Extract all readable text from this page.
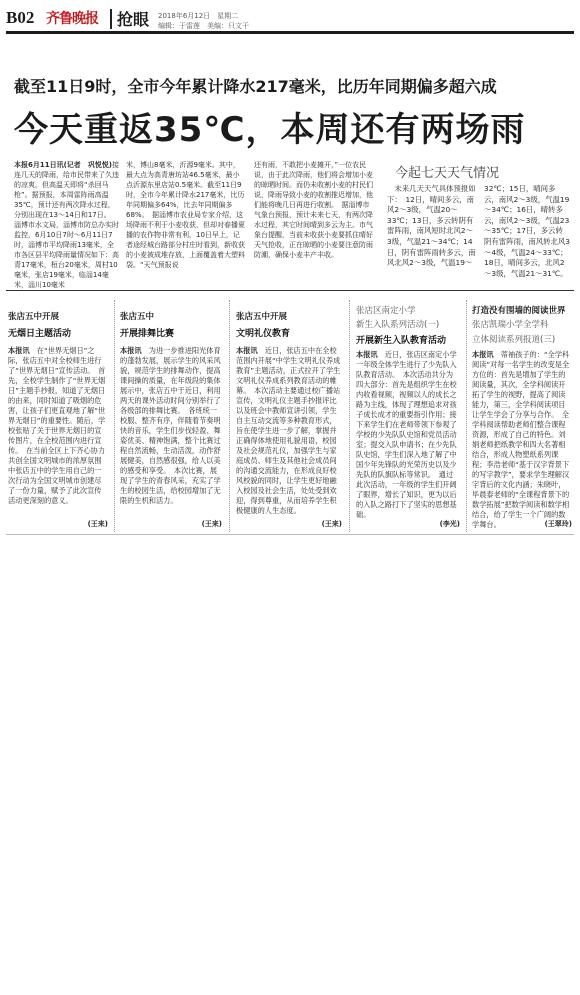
B02 齐鲁晚报 抢眼 2018年6月12日　星期二
编辑：于雷莲　美编：只文干
截至11日9时，全市今年累计降水217毫米，比历年同期偏多超六成
今天重返35℃，本周还有两场雨
本报6月11日讯(记者　巩悦悦)接连几天的降雨，给市民带来了久违的凉爽。但高温天即将“杀回马枪”。据预报，本周雷阵雨高温35℃，预计还有两次降水过程，分别出现在13～14日和17日。　淄博市水文局，淄博市防总办实时监控，6月10日7时～6月11日7时，淄博市平均降雨13毫米，全市各区县平均降雨量情况如下：高青17毫米，桓台20毫米，周村10毫米，张店19毫米，临淄14毫米，淄川10毫米
米，博山8毫米，沂源9毫米。其中，最大点为高青唐坊站46.5毫米，最小点沂源东里店站0.5毫米。截至11日9时，全市今年累计降水217毫米，比历年同期偏多64%，比去年同期偏多68%。　据淄博市农业局专家介绍，这场降雨不利于小麦收获，但却对春播夏播的农作物非常有利，10日早上，记者途经城台路部分村庄时看到，新收获的小麦被成堆存放，上面覆盖着大塑料袋。“天气预报说
还有雨，不敢把小麦摊开，”一位农民说，由于此次降雨，他们将会增加小麦的晾晒时间。而仍未收割小麦的村民们说，降雨导致小麦的收割推迟增加，他们能将晚几日再进行收割。　据淄博市气象台预报，预计未来七天，有两次降水过程，其它时间晴到多云为主。市气象台提醒，当前未收获小麦要抓住晴好天气抢收，正在晾晒的小麦要注意防雨防潮，确保小麦丰产丰收。
今起七天天气情况
　未来几天天气具体预报如下：　12日，晴间多云，南风2～3级，气温20～33℃；13日，多云转阴有雷阵雨，南风短时北风2～3级，气温21～34℃；14日，阴有雷阵雨转多云，南风北风2～3级，气温19～
32℃；15日，晴间多云，南风2～3级，气温19～34℃；16日，晴转多云，南风2～3级，气温23～35℃；17日，多云转阴有雷阵雨，南风转北风3～4级，气温24～33℃；18日，晴间多云，北风2～3级，气温21～31℃。
张店五中开展
无烟日主题活动
本报讯　 在“世界无烟日”之际，张店五中对全校师生进行了“世界无烟日”宣传活动。　首先，全校学生制作了“世界无烟日”主题手抄报，知道了无烟日的由来，同时知道了吸烟的危害，让孩子们更直观地了解“世界无烟日”的重要性。随后，学校张贴了关于世界无烟日的宣传图片，在全校范围内进行宣传。　在当前全区上下齐心协力共创全国文明城市的浓厚氛围中张店五中的学生用自己的一次行动为全国文明城市创建尽了一份力量，赋予了此次宣传活动更深刻的意义。
(王来)
张店五中
开展排舞比赛
本报讯　 为进一步推进阳光体育的蓬勃发展，展示学生的风采风貌，规范学生的排舞动作，提高课间操的质量，在年级段的集体展示中，张店五中于近日，利用两天的课外活动时间分别举行了各级部的排舞比赛。　各班统一校服、整齐有序，伴随着节奏明快的音乐，学生们步伐轻盈、舞姿优美、精神饱满，整个比赛过程自然流畅，生动活泼，动作舒展健美，自然感很强，给人以美的感受和享受。　本次比赛，展现了学生的青春风采，充实了学生的校园生活，给校园增加了无限的生机和活力。
(王来)
张店五中开展
文明礼仪教育
本报讯　 近日，张店五中在全校范围内开展“中学生文明礼仪养成教育”主题活动，正式拉开了学生文明礼仪养成系列教育活动的帷幕。　本次活动主要通过校广播站宣传，文明礼仪主题手抄报评比以及班会中教师宣讲引领，学生自主互动交流等多种教育形式，旨在使学生进一步了解，掌握并正确得体地使用礼貌用语，校园及社会规范礼仪，加强学生与家庭成员、师生及其他社会成员间的沟通交流能力，在形成良好校风校貌的同时，让学生更好地融入校园及社会生活，处处受到欢迎，得到尊重，从而培养学生积极健康的人生态度。
(王来)
张店区南定小学
新生入队系列活动(一)
开展新生入队教育活动
本报讯　 近日，张店区南定小学一年级全体学生进行了少先队入队教育活动。　本次活动共分为四大部分：首先是组织学生在校内收看视频，视频以人的成长之路为主线，体现了理想追求对孩子成长成才的重要指引作用；接下来学生们在老师带领下参观了学校的少先队队史馆和党员活动室；提交入队申请书；在少先队队史馆，学生们深入地了解了中国少年先锋队的光荣历史以及少先队的队旗队标等常识。　通过此次活动，一年级的学生们开阔了眼界，增长了知识，更为以后的入队之路打下了坚实的思想基础。
(李光)
打造没有围墙的阅读世界
张店凯瑞小学全学科
立体阅读系列报道(三)
本报讯　 蒂袖孩子的：“全学科阅读”对每一名学生的改变是全方位的：首先是增加了学生的阅读量，其次，全学科阅读开拓了学生的视野，提高了阅读能力，第三，全学科阅读项目让学生学会了分享与合作。　全学科阅读帮助老师们整合课程资源，形成了自己的特色。刘娟老师把纸教学和四大名著相结合，形成人物塑纸系列课程；李浩老师“基于汉字背景下的写字教学”，要求学生理解汉字背后的文化内涵；朱晓叶，毕晨泰老师的“全课程背景下的数学拓展”把数学阅读和数学相结合，给了学生一个广阔的数学舞台。	(王翠玲)
